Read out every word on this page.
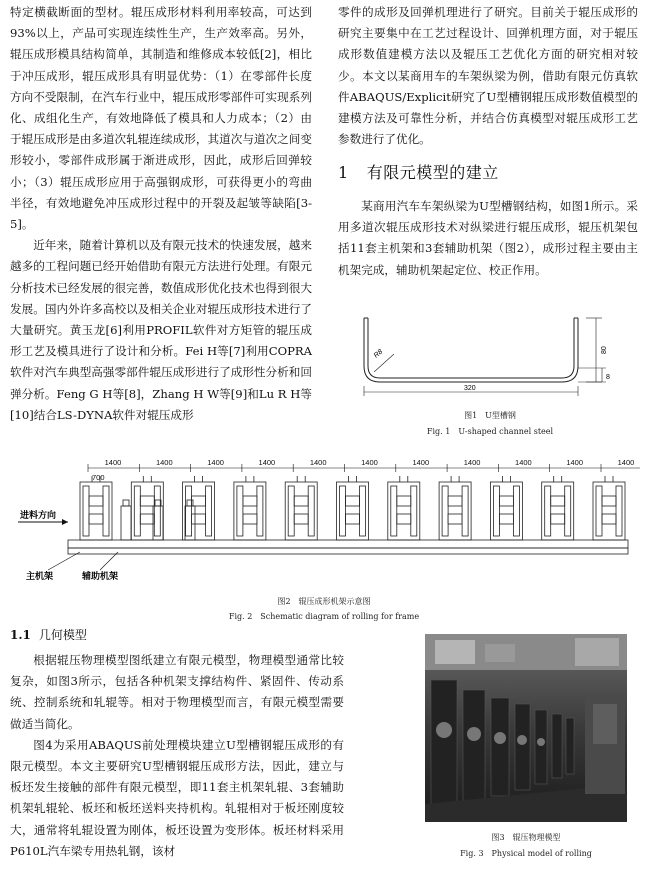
特定横截断面的型材。辊压成形材料利用率较高，可达到93%以上，产品可实现连续性生产，生产效率高。另外，辊压成形模具结构简单，其制造和维修成本较低[2]，相比于冲压成形，辊压成形具有明显优势：（1）在零部件长度方向不受限制，在汽车行业中，辊压成形零部件可实现系列化、成组化生产，有效地降低了模具和人力成本；（2）由于辊压成形是由多道次轧辊连续成形，其道次与道次之间变形较小，零部件成形属于渐进成形，因此，成形后回弹较小；（3）辊压成形应用于高强钢成形，可获得更小的弯曲半径，有效地避免冲压成形过程中的开裂及起皱等缺陷[3-5]。

近年来，随着计算机以及有限元技术的快速发展，越来越多的工程问题已经开始借助有限元方法进行处理。有限元分析技术已经发展的很完善，数值成形优化技术也得到很大发展。国内外许多高校以及相关企业对辊压成形技术进行了大量研究。黄玉龙[6]利用PROFIL软件对方矩管的辊压成形工艺及模具进行了设计和分析。Fei H等[7]利用COPRA软件对汽车典型高强零部件辊压成形进行了成形性分析和回弹分析。Feng G H等[8]，Zhang H W等[9]和Lu R H等[10]结合LS-DYNA软件对辊压成形

零件的成形及回弹机理进行了研究。目前关于辊压成形的研究主要集中在工艺过程设计、回弹机理方面，对于辊压成形数值建模方法以及辊压工艺优化方面的研究相对较少。本文以某商用车的车架纵梁为例，借助有限元仿真软件ABAQUS/Explicit研究了U型槽钢辊压成形数值模型的建模方法及可靠性分析，并结合仿真模型对辊压成形工艺参数进行了优化。

1 有限元模型的建立

某商用汽车车架纵梁为U型槽钢结构，如图1所示。采用多道次辊压成形技术对纵梁进行辊压成形，辊压机架包括11套主机架和3套辅助机架（图2），成形过程主要由主机架完成，辅助机架起定位、校正作用。

R8	80
320
8
图1　U型槽钢
Fig. 1　U-shaped channel steel
1400	1400	1400	1400	1400	1400	1400	1400	1400	1400	1400
700
进料方向
主机架	辅助机架
图2　辊压成形机架示意图
Fig. 2　Schematic diagram of rolling for frame
1.1 几何模型

根据辊压物理模型图纸建立有限元模型，物理模型通常比较复杂，如图3所示，包括各种机架支撑结构件、紧固件、传动系统、控制系统和轧辊等。相对于物理模型而言，有限元模型需要做适当简化。

图4为采用ABAQUS前处理模块建立U型槽钢辊压成形的有限元模型。本文主要研究U型槽钢辊压成形方法，因此，建立与板坯发生接触的部件有限元模型，即11套主机架轧辊、3套辅助机架轧辊轮、板坯和板坯送料夹持机构。轧辊相对于板坯刚度较大，通常将轧辊设置为刚体，板坯设置为变形体。板坯材料采用P610L汽车梁专用热轧钢，该材

图3　辊压物理模型
Fig. 3　Physical model of rolling
